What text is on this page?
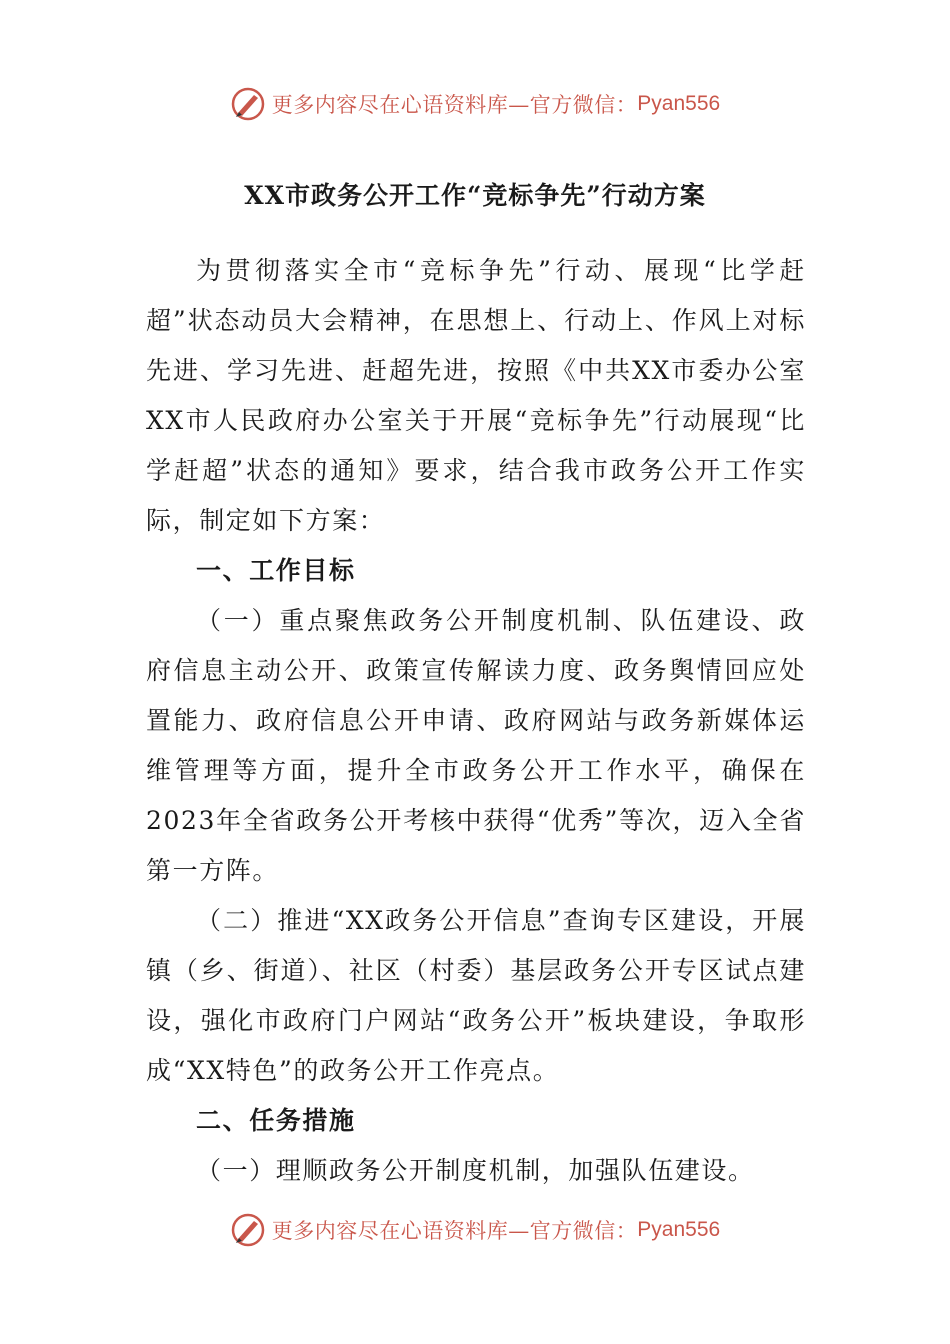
更多内容尽在心语资料库—官方微信： Pyan556
XX市政务公开工作“竞标争先”行动方案

为贯彻落实全市“竞标争先”行动、展现“比学赶超”状态动员大会精神，在思想上、行动上、作风上对标先进、学习先进、赶超先进，按照《中共XX市委办公室XX市人民政府办公室关于开展“竞标争先”行动展现“比学赶超”状态的通知》要求，结合我市政务公开工作实际，制定如下方案：

一、工作目标

（一）重点聚焦政务公开制度机制、队伍建设、政府信息主动公开、政策宣传解读力度、政务舆情回应处置能力、政府信息公开申请、政府网站与政务新媒体运维管理等方面，提升全市政务公开工作水平，确保在2023年全省政务公开考核中获得“优秀”等次，迈入全省第一方阵。

（二）推进“XX政务公开信息”查询专区建设，开展镇（乡、街道）、社区（村委）基层政务公开专区试点建设，强化市政府门户网站“政务公开”板块建设，争取形成“XX特色”的政务公开工作亮点。

二、任务措施

（一）理顺政务公开制度机制，加强队伍建设。

更多内容尽在心语资料库—官方微信： Pyan556
